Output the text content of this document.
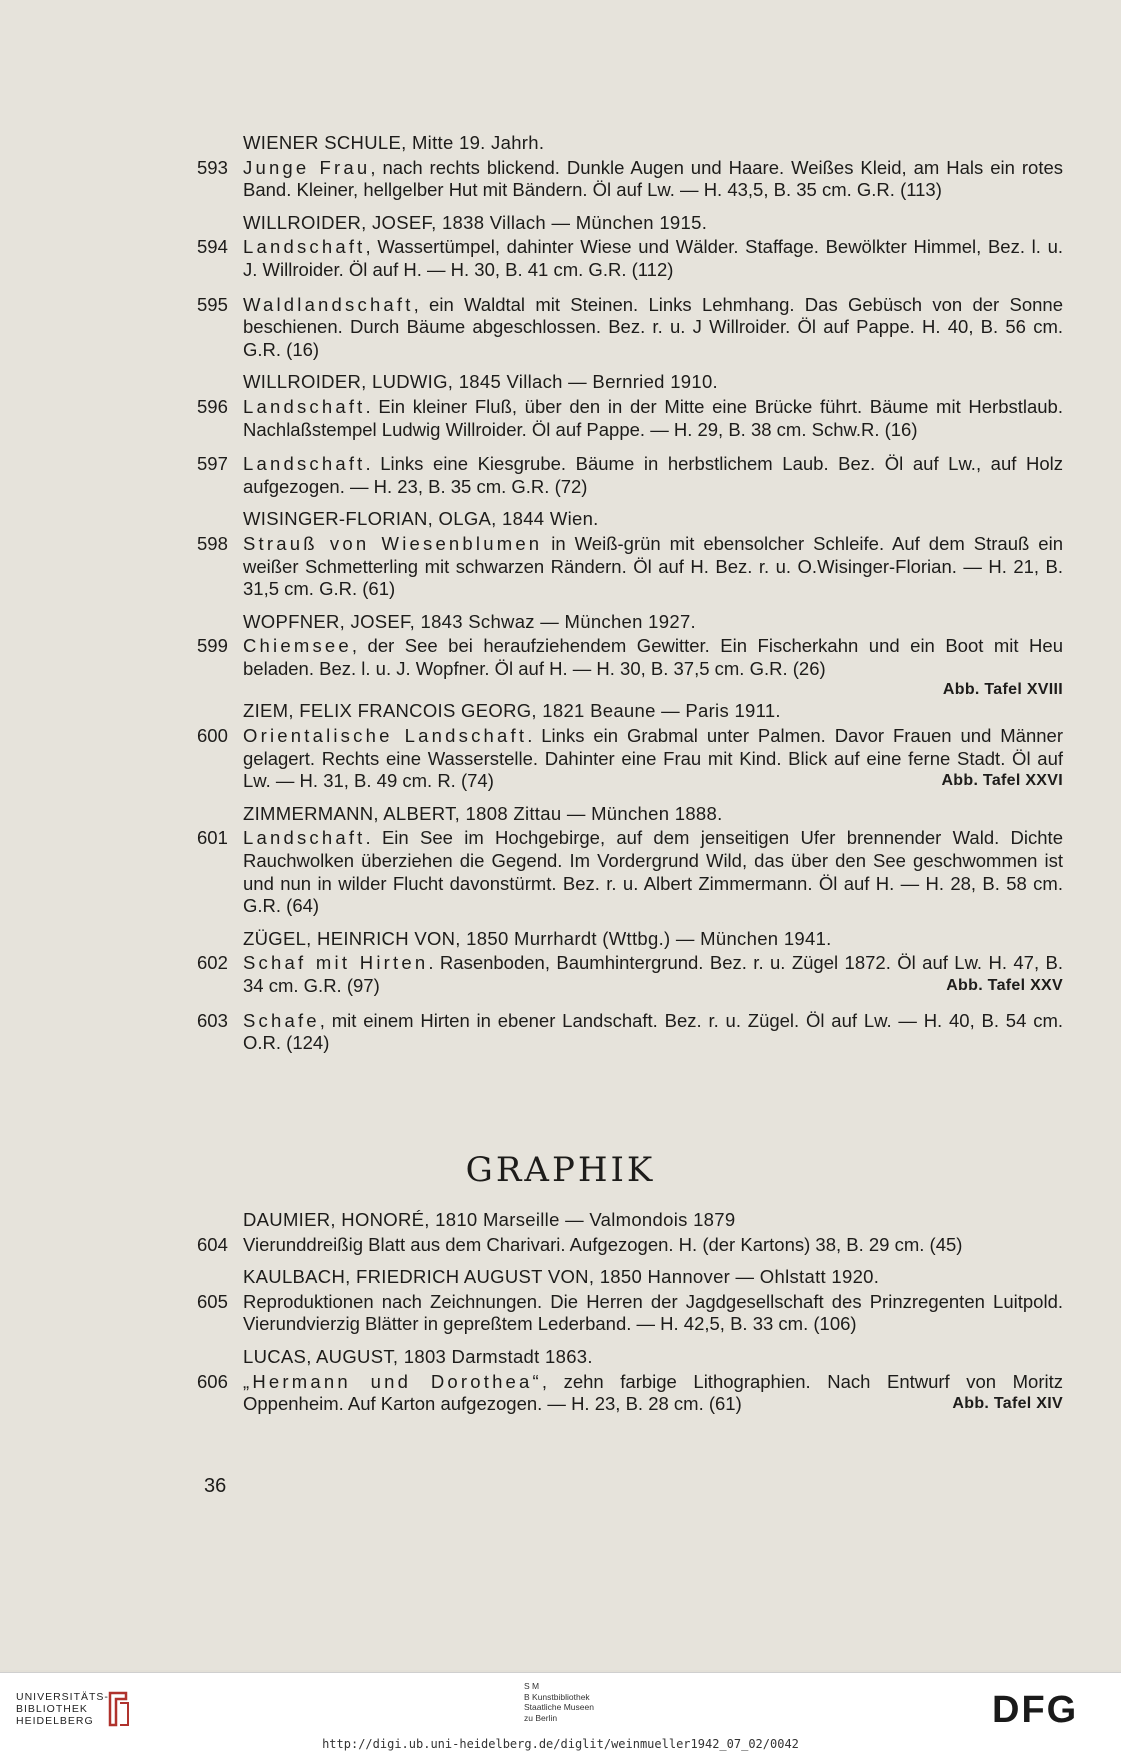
WIENER SCHULE, Mitte 19. Jahrh.
593 Junge Frau, nach rechts blickend. Dunkle Augen und Haare. Weißes Kleid, am Hals ein rotes Band. Kleiner, hellgelber Hut mit Bändern. Öl auf Lw. — H. 43,5, B. 35 cm. G.R. (113)
WILLROIDER, JOSEF, 1838 Villach — München 1915.
594 Landschaft, Wassertümpel, dahinter Wiese und Wälder. Staffage. Bewölkter Himmel, Bez. l. u. J. Willroider. Öl auf H. — H. 30, B. 41 cm. G.R. (112)
595 Waldlandschaft, ein Waldtal mit Steinen. Links Lehmhang. Das Gebüsch von der Sonne beschienen. Durch Bäume abgeschlossen. Bez. r. u. J Willroider. Öl auf Pappe. H. 40, B. 56 cm. G.R. (16)
WILLROIDER, LUDWIG, 1845 Villach — Bernried 1910.
596 Landschaft. Ein kleiner Fluß, über den in der Mitte eine Brücke führt. Bäume mit Herbstlaub. Nachlaßstempel Ludwig Willroider. Öl auf Pappe. — H. 29, B. 38 cm. Schw.R. (16)
597 Landschaft. Links eine Kiesgrube. Bäume in herbstlichem Laub. Bez. Öl auf Lw., auf Holz aufgezogen. — H. 23, B. 35 cm. G.R. (72)
WISINGER-FLORIAN, OLGA, 1844 Wien.
598 Strauß von Wiesenblumen in Weiß-grün mit ebensolcher Schleife. Auf dem Strauß ein weißer Schmetterling mit schwarzen Rändern. Öl auf H. Bez. r. u. O.Wisinger-Florian. — H. 21, B. 31,5 cm. G.R. (61)
WOPFNER, JOSEF, 1843 Schwaz — München 1927.
599 Chiemsee, der See bei heraufziehendem Gewitter. Ein Fischerkahn und ein Boot mit Heu beladen. Bez. l. u. J. Wopfner. Öl auf H. — H. 30, B. 37,5 cm. G.R. (26)
Abb. Tafel XVIII
ZIEM, FELIX FRANCOIS GEORG, 1821 Beaune — Paris 1911.
600 Orientalische Landschaft. Links ein Grabmal unter Palmen. Davor Frauen und Männer gelagert. Rechts eine Wasserstelle. Dahinter eine Frau mit Kind. Blick auf eine ferne Stadt. Öl auf Lw. — H. 31, B. 49 cm. R. (74)	Abb. Tafel XXVI
ZIMMERMANN, ALBERT, 1808 Zittau — München 1888.
601 Landschaft. Ein See im Hochgebirge, auf dem jenseitigen Ufer brennender Wald. Dichte Rauchwolken überziehen die Gegend. Im Vordergrund Wild, das über den See geschwommen ist und nun in wilder Flucht davonstürmt. Bez. r. u. Albert Zimmermann. Öl auf H. — H. 28, B. 58 cm. G.R. (64)
ZÜGEL, HEINRICH VON, 1850 Murrhardt (Wttbg.) — München 1941.
602 Schaf mit Hirten. Rasenboden, Baumhintergrund. Bez. r. u. Zügel 1872. Öl auf Lw. H. 47, B. 34 cm. G.R. (97)	Abb. Tafel XXV
603 Schafe, mit einem Hirten in ebener Landschaft. Bez. r. u. Zügel. Öl auf Lw. — H. 40, B. 54 cm. O.R. (124)
GRAPHIK
DAUMIER, HONORÉ, 1810 Marseille — Valmondois 1879
604 Vierunddreißig Blatt aus dem Charivari. Aufgezogen. H. (der Kartons) 38, B. 29 cm. (45)
KAULBACH, FRIEDRICH AUGUST VON, 1850 Hannover — Ohlstatt 1920.
605 Reproduktionen nach Zeichnungen. Die Herren der Jagdgesellschaft des Prinzregenten Luitpold. Vierundvierzig Blätter in gepreßtem Lederband. — H. 42,5, B. 33 cm. (106)
LUCAS, AUGUST, 1803 Darmstadt 1863.
606 „Hermann und Dorothea“, zehn farbige Lithographien. Nach Entwurf von Moritz Oppenheim. Auf Karton aufgezogen. — H. 23, B. 28 cm. (61)	Abb. Tafel XIV
36
UNIVERSITÄTS-
BIBLIOTHEK
HEIDELBERG
S M
B Kunstbibliothek
Staatliche Museen
zu Berlin	DFG
http://digi.ub.uni-heidelberg.de/diglit/weinmueller1942_07_02/0042
